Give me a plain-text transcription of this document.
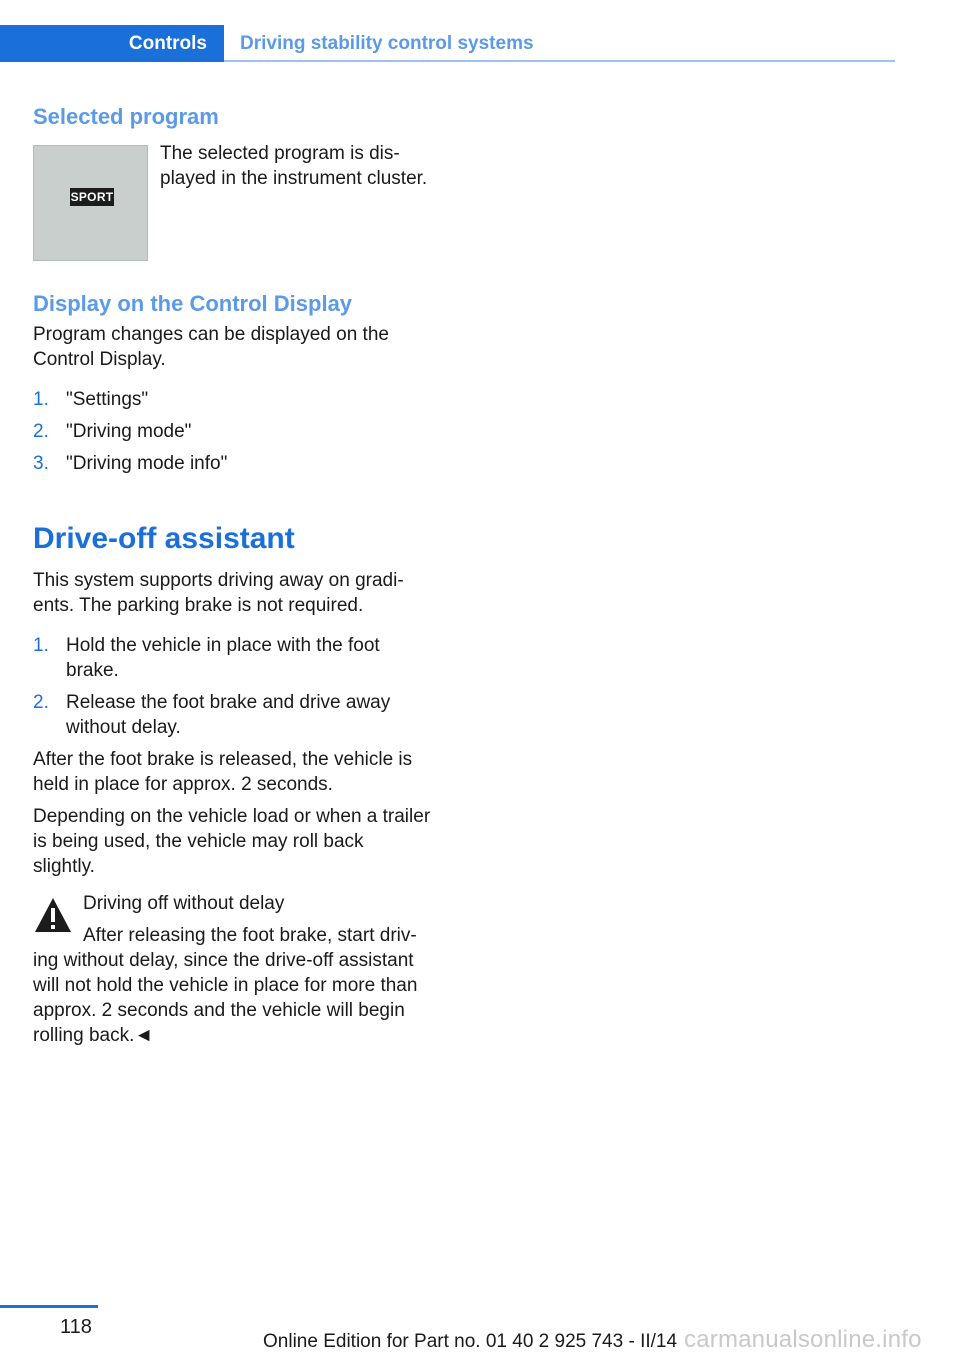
Controls	Driving stability control systems
Selected program
SPORT
The selected program is dis‐
played in the instrument cluster.
Display on the Control Display
Program changes can be displayed on the
Control Display.
1. "Settings"
2. "Driving mode"
3. "Driving mode info"
Drive-off assistant
This system supports driving away on gradi‐
ents. The parking brake is not required.
1. Hold the vehicle in place with the foot
brake.
2. Release the foot brake and drive away
without delay.
After the foot brake is released, the vehicle is
held in place for approx. 2 seconds.
Depending on the vehicle load or when a trailer
is being used, the vehicle may roll back
slightly.
Driving off without delay
After releasing the foot brake, start driv‐
ing without delay, since the drive-off assistant
will not hold the vehicle in place for more than
approx. 2 seconds and the vehicle will begin
rolling back.◄
118	carmanualsonline.info
Online Edition for Part no. 01 40 2 925 743 - II/14
